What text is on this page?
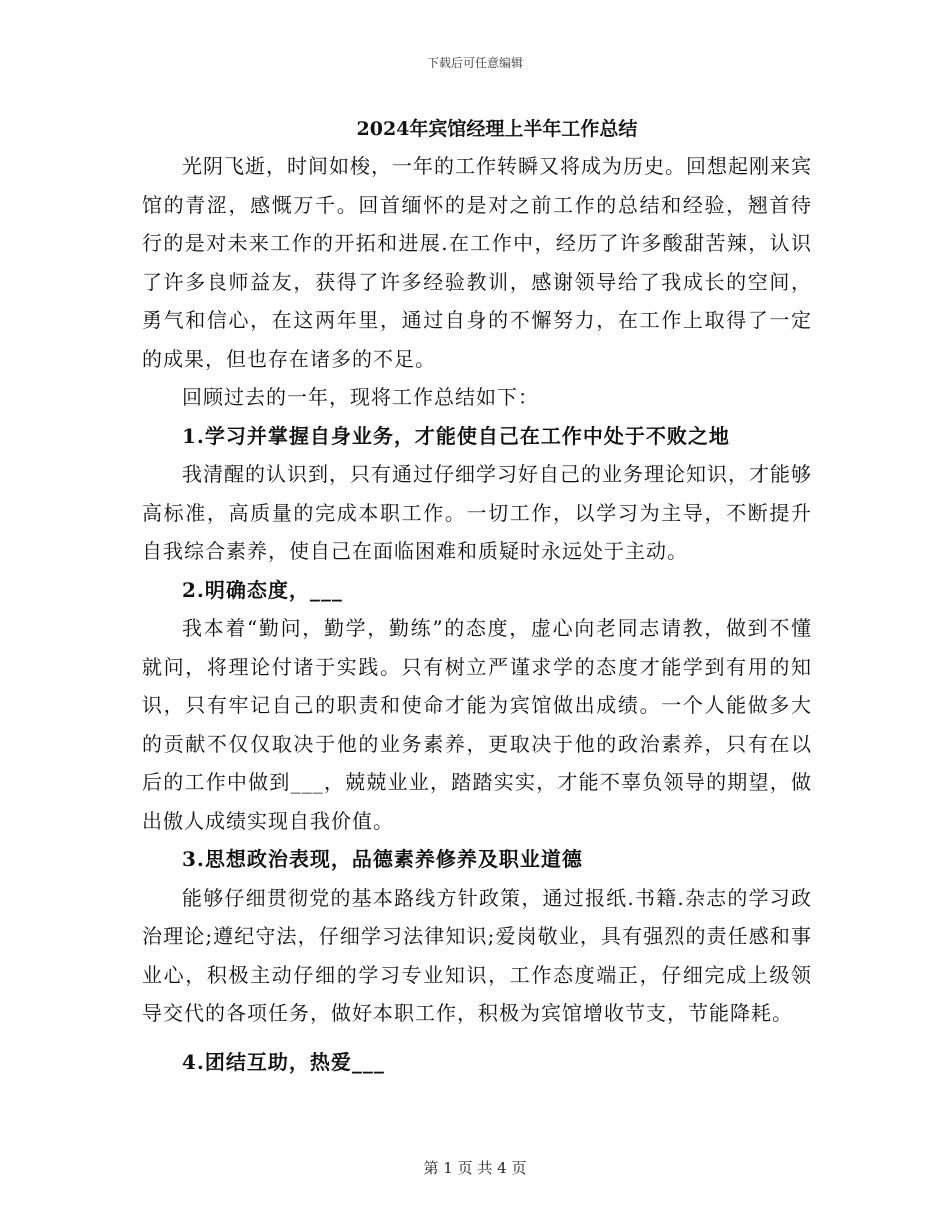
下载后可任意编辑
2024年宾馆经理上半年工作总结

光阴飞逝，时间如梭，一年的工作转瞬又将成为历史。回想起刚来宾馆的青涩，感慨万千。回首缅怀的是对之前工作的总结和经验，翘首待行的是对未来工作的开拓和进展.在工作中，经历了许多酸甜苦辣，认识了许多良师益友，获得了许多经验教训，感谢领导给了我成长的空间，勇气和信心，在这两年里，通过自身的不懈努力，在工作上取得了一定的成果，但也存在诸多的不足。

回顾过去的一年，现将工作总结如下：

1.学习并掌握自身业务，才能使自己在工作中处于不败之地

我清醒的认识到，只有通过仔细学习好自己的业务理论知识，才能够高标准，高质量的完成本职工作。一切工作，以学习为主导，不断提升自我综合素养，使自己在面临困难和质疑时永远处于主动。

2.明确态度，___

我本着“勤问，勤学，勤练”的态度，虚心向老同志请教，做到不懂就问，将理论付诸于实践。只有树立严谨求学的态度才能学到有用的知识，只有牢记自己的职责和使命才能为宾馆做出成绩。一个人能做多大的贡献不仅仅取决于他的业务素养，更取决于他的政治素养，只有在以后的工作中做到___，兢兢业业，踏踏实实，才能不辜负领导的期望，做出傲人成绩实现自我价值。

3.思想政治表现，品德素养修养及职业道德

能够仔细贯彻党的基本路线方针政策，通过报纸.书籍.杂志的学习政治理论;遵纪守法，仔细学习法律知识;爱岗敬业，具有强烈的责任感和事业心，积极主动仔细的学习专业知识，工作态度端正，仔细完成上级领导交代的各项任务，做好本职工作，积极为宾馆增收节支，节能降耗。

4.团结互助，热爱___

第 1 页 共 4 页
